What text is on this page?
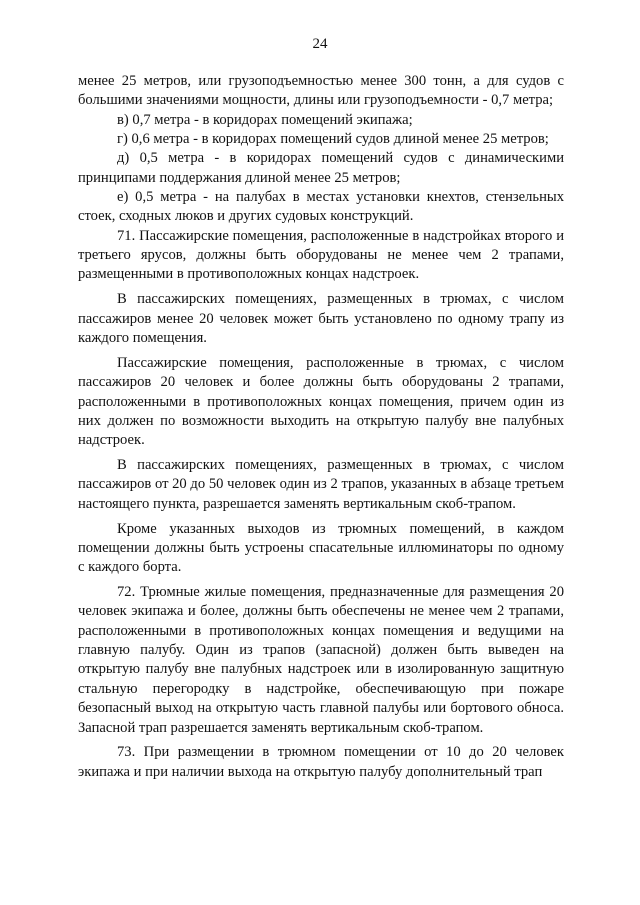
24

менее 25 метров, или грузоподъемностью менее 300 тонн, а для судов с большими значениями мощности, длины или грузоподъемности - 0,7 метра;

в) 0,7 метра - в коридорах помещений экипажа;

г) 0,6 метра - в коридорах помещений судов длиной менее 25 метров;

д) 0,5 метра - в коридорах помещений судов с динамическими принципами поддержания длиной менее 25 метров;

е) 0,5 метра - на палубах в местах установки кнехтов, стензельных стоек, сходных люков и других судовых конструкций.

71. Пассажирские помещения, расположенные в надстройках второго и третьего ярусов, должны быть оборудованы не менее чем 2 трапами, размещенными в противоположных концах надстроек.

В пассажирских помещениях, размещенных в трюмах, с числом пассажиров менее 20 человек может быть установлено по одному трапу из каждого помещения.

Пассажирские помещения, расположенные в трюмах, с числом пассажиров 20 человек и более должны быть оборудованы 2 трапами, расположенными в противоположных концах помещения, причем один из них должен по возможности выходить на открытую палубу вне палубных надстроек.

В пассажирских помещениях, размещенных в трюмах, с числом пассажиров от 20 до 50 человек один из 2 трапов, указанных в абзаце третьем настоящего пункта, разрешается заменять вертикальным скоб-трапом.

Кроме указанных выходов из трюмных помещений, в каждом помещении должны быть устроены спасательные иллюминаторы по одному с каждого борта.

72. Трюмные жилые помещения, предназначенные для размещения 20 человек экипажа и более, должны быть обеспечены не менее чем 2 трапами, расположенными в противоположных концах помещения и ведущими на главную палубу. Один из трапов (запасной) должен быть выведен на открытую палубу вне палубных надстроек или в изолированную защитную стальную перегородку в надстройке, обеспечивающую при пожаре безопасный выход на открытую часть главной палубы или бортового обноса. Запасной трап разрешается заменять вертикальным скоб-трапом.

73. При размещении в трюмном помещении от 10 до 20 человек экипажа и при наличии выхода на открытую палубу дополнительный трап
